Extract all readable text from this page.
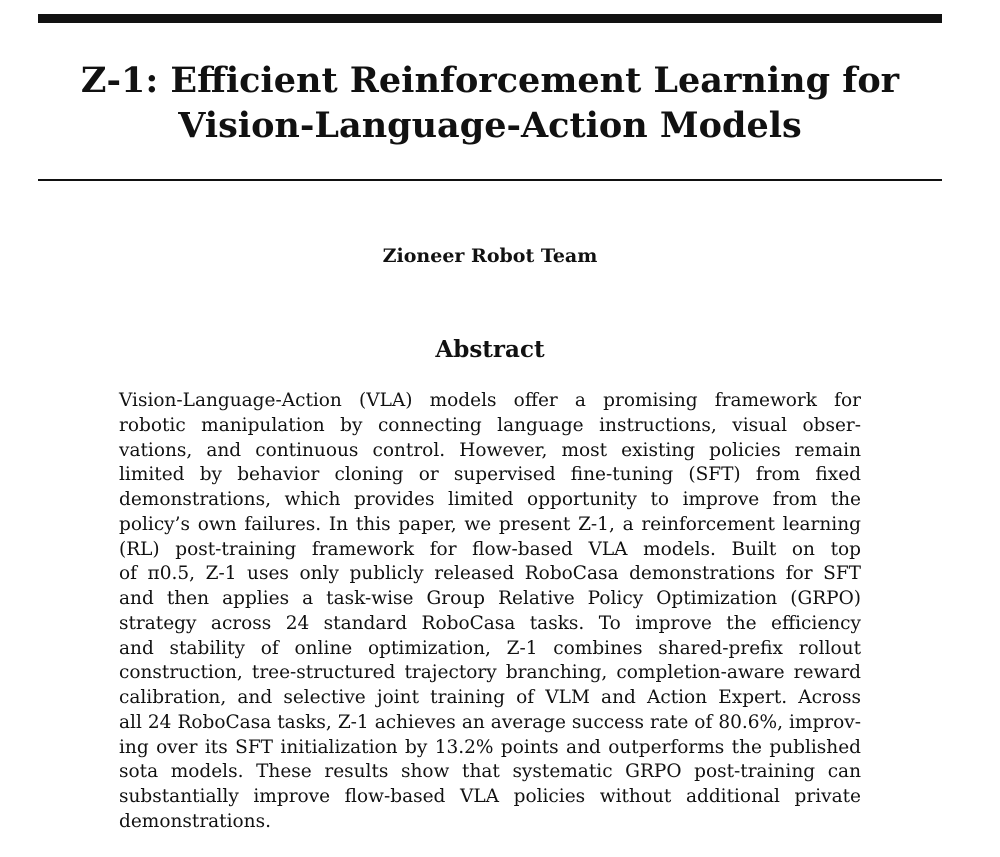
Z-1: Efficient Reinforcement Learning for
Vision-Language-Action Models
Zioneer Robot Team
Abstract
Vision-Language-Action (VLA) models offer a promising framework for
robotic manipulation by connecting language instructions, visual obser-
vations, and continuous control. However, most existing policies remain
limited by behavior cloning or supervised fine-tuning (SFT) from fixed
demonstrations, which provides limited opportunity to improve from the
policy’s own failures. In this paper, we present Z-1, a reinforcement learning
(RL) post-training framework for flow-based VLA models. Built on top
of π0.5, Z-1 uses only publicly released RoboCasa demonstrations for SFT
and then applies a task-wise Group Relative Policy Optimization (GRPO)
strategy across 24 standard RoboCasa tasks. To improve the efficiency
and stability of online optimization, Z-1 combines shared-prefix rollout
construction, tree-structured trajectory branching, completion-aware reward
calibration, and selective joint training of VLM and Action Expert. Across
all 24 RoboCasa tasks, Z-1 achieves an average success rate of 80.6%, improv-
ing over its SFT initialization by 13.2% points and outperforms the published
sota models. These results show that systematic GRPO post-training can
substantially improve flow-based VLA policies without additional private
demonstrations.
